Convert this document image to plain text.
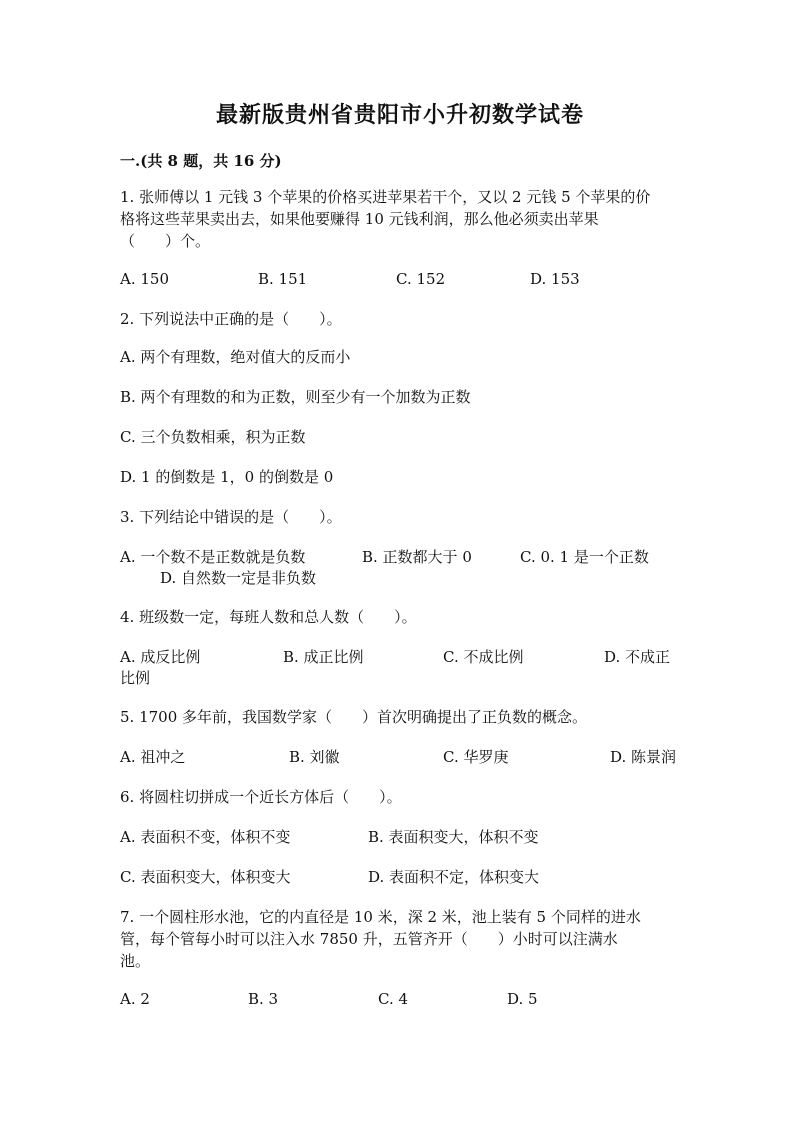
最新版贵州省贵阳市小升初数学试卷
一.(共 8 题，共 16 分)
1. 张师傅以 1 元钱 3 个苹果的价格买进苹果若干个，又以 2 元钱 5 个苹果的价
格将这些苹果卖出去，如果他要赚得 10 元钱利润，那么他必须卖出苹果
（　　）个。
A. 150	B. 151	C. 152	D. 153
2. 下列说法中正确的是（　　）。
A. 两个有理数，绝对值大的反而小
B. 两个有理数的和为正数，则至少有一个加数为正数
C. 三个负数相乘，积为正数
D. 1 的倒数是 1，0 的倒数是 0
3. 下列结论中错误的是（　　）。
A. 一个数不是正数就是负数	B. 正数都大于 0	C. 0. 1 是一个正数
D. 自然数一定是非负数
4. 班级数一定，每班人数和总人数（　　）。
A. 成反比例	B. 成正比例	C. 不成比例	D. 不成正
比例
5. 1700 多年前，我国数学家（　　）首次明确提出了正负数的概念。
A. 祖冲之	B. 刘徽	C. 华罗庚	D. 陈景润
6. 将圆柱切拼成一个近长方体后（　　）。
A. 表面积不变，体积不变	B. 表面积变大，体积不变
C. 表面积变大，体积变大	D. 表面积不定，体积变大
7. 一个圆柱形水池，它的内直径是 10 米，深 2 米，池上装有 5 个同样的进水
管，每个管每小时可以注入水 7850 升，五管齐开（　　）小时可以注满水
池。
A. 2	B. 3	C. 4	D. 5
